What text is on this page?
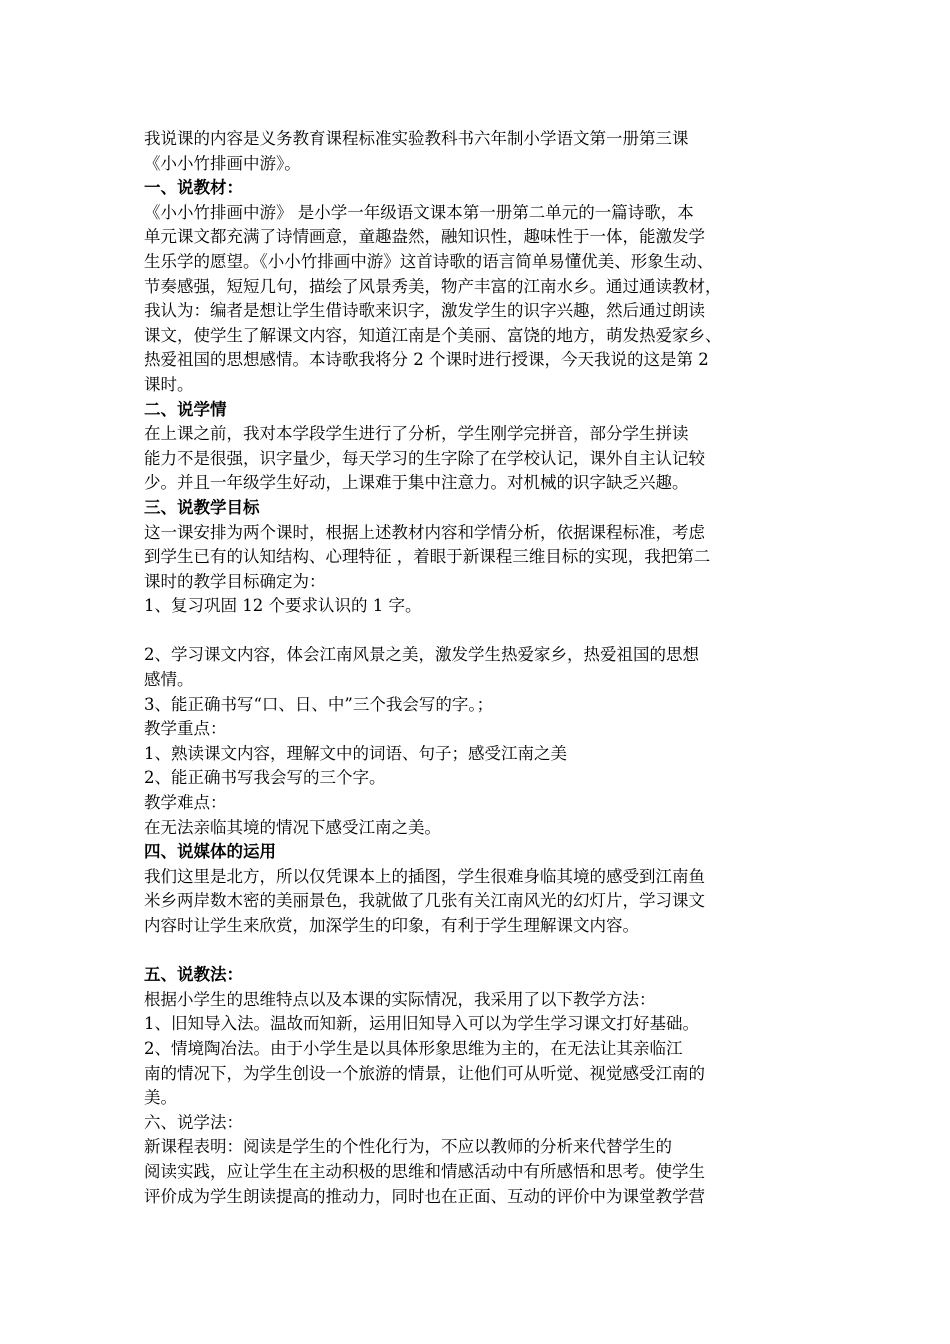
我说课的内容是义务教育课程标准实验教科书六年制小学语文第一册第三课

《小小竹排画中游》。

一、说教材：

《小小竹排画中游》 是小学一年级语文课本第一册第二单元的一篇诗歌，本

单元课文都充满了诗情画意，童趣盎然，融知识性，趣味性于一体，能激发学

生乐学的愿望。《小小竹排画中游》这首诗歌的语言简单易懂优美、形象生动、

节奏感强，短短几句，描绘了风景秀美，物产丰富的江南水乡。通过通读教材，

我认为：编者是想让学生借诗歌来识字，激发学生的识字兴趣，然后通过朗读

课文，使学生了解课文内容，知道江南是个美丽、富饶的地方，萌发热爱家乡、

热爱祖国的思想感情。本诗歌我将分 2 个课时进行授课，今天我说的这是第 2

课时。

二、说学情

在上课之前，我对本学段学生进行了分析，学生刚学完拼音，部分学生拼读

能力不是很强，识字量少，每天学习的生字除了在学校认记，课外自主认记较

少。并且一年级学生好动，上课难于集中注意力。对机械的识字缺乏兴趣。

三、说教学目标

这一课安排为两个课时，根据上述教材内容和学情分析，依据课程标准，考虑

到学生已有的认知结构、心理特征 ，着眼于新课程三维目标的实现，我把第二

课时的教学目标确定为：

1、复习巩固 12 个要求认识的 1 字。

2、学习课文内容，体会江南风景之美，激发学生热爱家乡，热爱祖国的思想

感情。

3、能正确书写“口、日、中”三个我会写的字。；

教学重点：

1、熟读课文内容，理解文中的词语、句子；感受江南之美

2、能正确书写我会写的三个字。

教学难点：

在无法亲临其境的情况下感受江南之美。

四、说媒体的运用

我们这里是北方，所以仅凭课本上的插图，学生很难身临其境的感受到江南鱼

米乡两岸数木密的美丽景色，我就做了几张有关江南风光的幻灯片，学习课文

内容时让学生来欣赏，加深学生的印象，有利于学生理解课文内容。

五、说教法：

根据小学生的思维特点以及本课的实际情况，我采用了以下教学方法：

1、旧知导入法。温故而知新，运用旧知导入可以为学生学习课文打好基础。

2、情境陶冶法。由于小学生是以具体形象思维为主的，在无法让其亲临江

南的情况下，为学生创设一个旅游的情景，让他们可从听觉、视觉感受江南的

美。

六、说学法：

新课程表明：阅读是学生的个性化行为，不应以教师的分析来代替学生的

阅读实践，应让学生在主动积极的思维和情感活动中有所感悟和思考。使学生

评价成为学生朗读提高的推动力，同时也在正面、互动的评价中为课堂教学营
